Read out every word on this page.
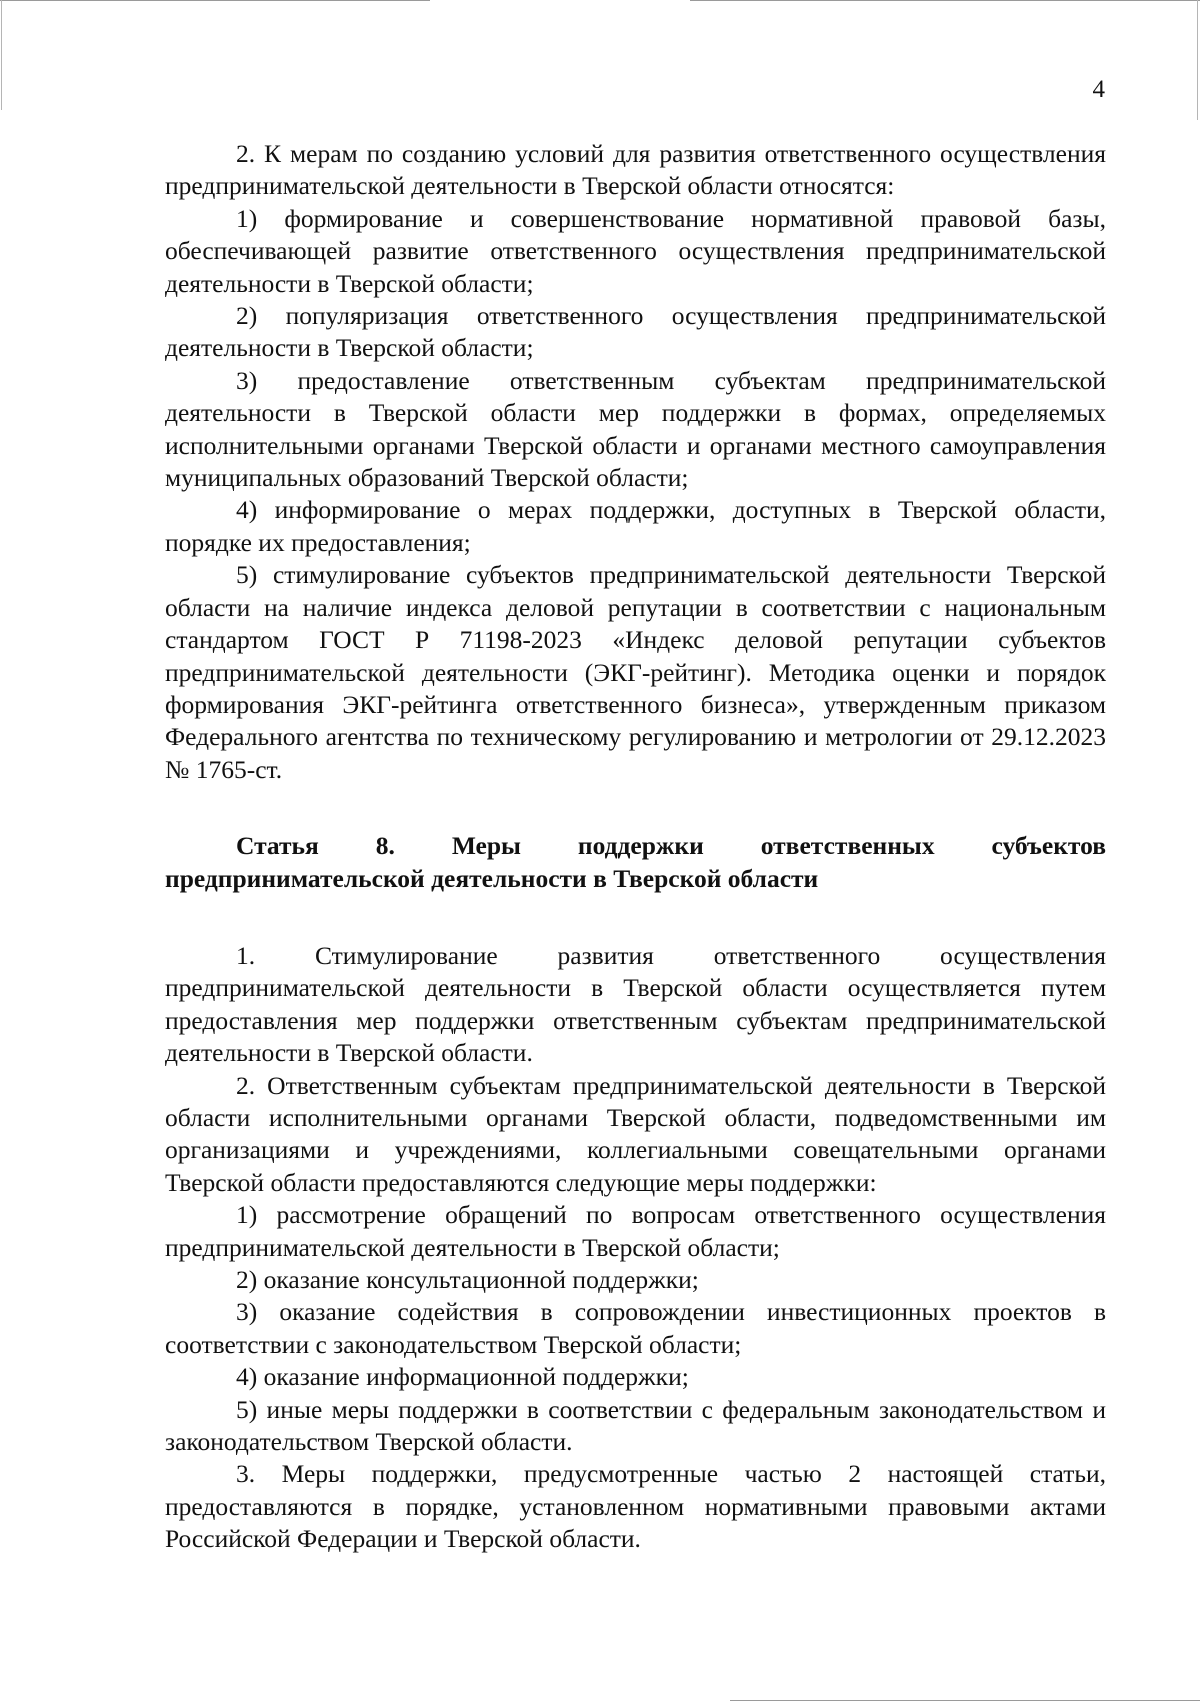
4

2. К мерам по созданию условий для развития ответственного осуществления предпринимательской деятельности в Тверской области относятся:

1) формирование и совершенствование нормативной правовой базы, обеспечивающей развитие ответственного осуществления предпринимательской деятельности в Тверской области;

2) популяризация ответственного осуществления предпринимательской деятельности в Тверской области;

3) предоставление ответственным субъектам предпринимательской деятельности в Тверской области мер поддержки в формах, определяемых исполнительными органами Тверской области и органами местного самоуправления муниципальных образований Тверской области;

4) информирование о мерах поддержки, доступных в Тверской области, порядке их предоставления;

5) стимулирование субъектов предпринимательской деятельности Тверской области на наличие индекса деловой репутации в соответствии с национальным стандартом ГОСТ Р 71198-2023 «Индекс деловой репутации субъектов предпринимательской деятельности (ЭКГ-рейтинг). Методика оценки и порядок формирования ЭКГ-рейтинга ответственного бизнеса», утвержденным приказом Федерального агентства по техническому регулированию и метрологии от 29.12.2023 № 1765-ст.

Статья 8. Меры поддержки ответственных субъектов предпринимательской деятельности в Тверской области

1. Стимулирование развития ответственного осуществления предпринимательской деятельности в Тверской области осуществляется путем предоставления мер поддержки ответственным субъектам предпринимательской деятельности в Тверской области.

2. Ответственным субъектам предпринимательской деятельности в Тверской области исполнительными органами Тверской области, подведомственными им организациями и учреждениями, коллегиальными совещательными органами Тверской области предоставляются следующие меры поддержки:

1) рассмотрение обращений по вопросам ответственного осуществления предпринимательской деятельности в Тверской области;

2) оказание консультационной поддержки;

3) оказание содействия в сопровождении инвестиционных проектов в соответствии с законодательством Тверской области;

4) оказание информационной поддержки;

5) иные меры поддержки в соответствии с федеральным законодательством и законодательством Тверской области.

3. Меры поддержки, предусмотренные частью 2 настоящей статьи, предоставляются в порядке, установленном нормативными правовыми актами Российской Федерации и Тверской области.
